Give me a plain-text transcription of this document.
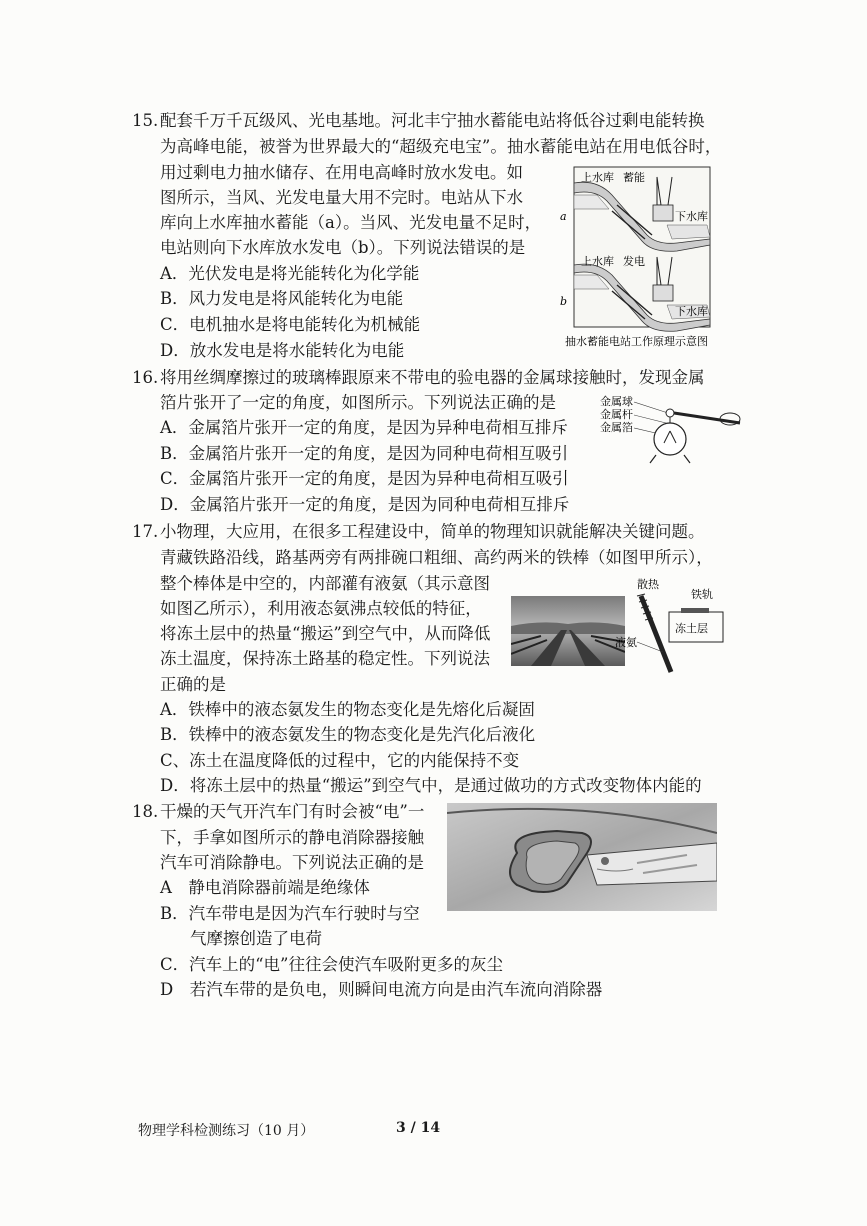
15. 配套千万千瓦级风、光电基地。河北丰宁抽水蓄能电站将低谷过剩电能转换
为高峰电能，被誉为世界最大的“超级充电宝”。抽水蓄能电站在用电低谷时，
用过剩电力抽水储存、在用电高峰时放水发电。如
图所示，当风、光发电量大用不完时。电站从下水
库向上水库抽水蓄能（a）。当风、光发电量不足时，
电站则向下水库放水发电（b）。下列说法错误的是
A．光伏发电是将光能转化为化学能
B．风力发电是将风能转化为电能
C．电机抽水是将电能转化为机械能
D．放水发电是将水能转化为电能
a
上水库 蓄能
下水库
b
上水库 发电
下水库
抽水蓄能电站工作原理示意图
16. 将用丝绸摩擦过的玻璃棒跟原来不带电的验电器的金属球接触时，发现金属
箔片张开了一定的角度，如图所示。下列说法正确的是
A．金属箔片张开一定的角度，是因为异种电荷相互排斥
B．金属箔片张开一定的角度，是因为同种电荷相互吸引
C．金属箔片张开一定的角度，是因为异种电荷相互吸引
D．金属箔片张开一定的角度，是因为同种电荷相互排斥
金属球
金属杆
金属箔
17. 小物理，大应用，在很多工程建设中，简单的物理知识就能解决关键问题。
青藏铁路沿线，路基两旁有两排碗口粗细、高约两米的铁棒（如图甲所示），
整个棒体是中空的，内部灌有液氨（其示意图
如图乙所示），利用液态氨沸点较低的特征，
将冻土层中的热量“搬运”到空气中，从而降低
冻土温度，保持冻土路基的稳定性。下列说法
正确的是
A．铁棒中的液态氨发生的物态变化是先熔化后凝固
B．铁棒中的液态氨发生的物态变化是先汽化后液化
C、冻土在温度降低的过程中，它的内能保持不变
D．将冻土层中的热量“搬运”到空气中，是通过做功的方式改变物体内能的
散热
铁轨
冻土层
液氨
18. 干燥的天气开汽车门有时会被“电”一
下，手拿如图所示的静电消除器接触
汽车可消除静电。下列说法正确的是
A　静电消除器前端是绝缘体
B．汽车带电是因为汽车行驶时与空
气摩擦创造了电荷
C．汽车上的“电”往往会使汽车吸附更多的灰尘
D　若汽车带的是负电，则瞬间电流方向是由汽车流向消除器
物理学科检测练习（10 月）	3 / 14
